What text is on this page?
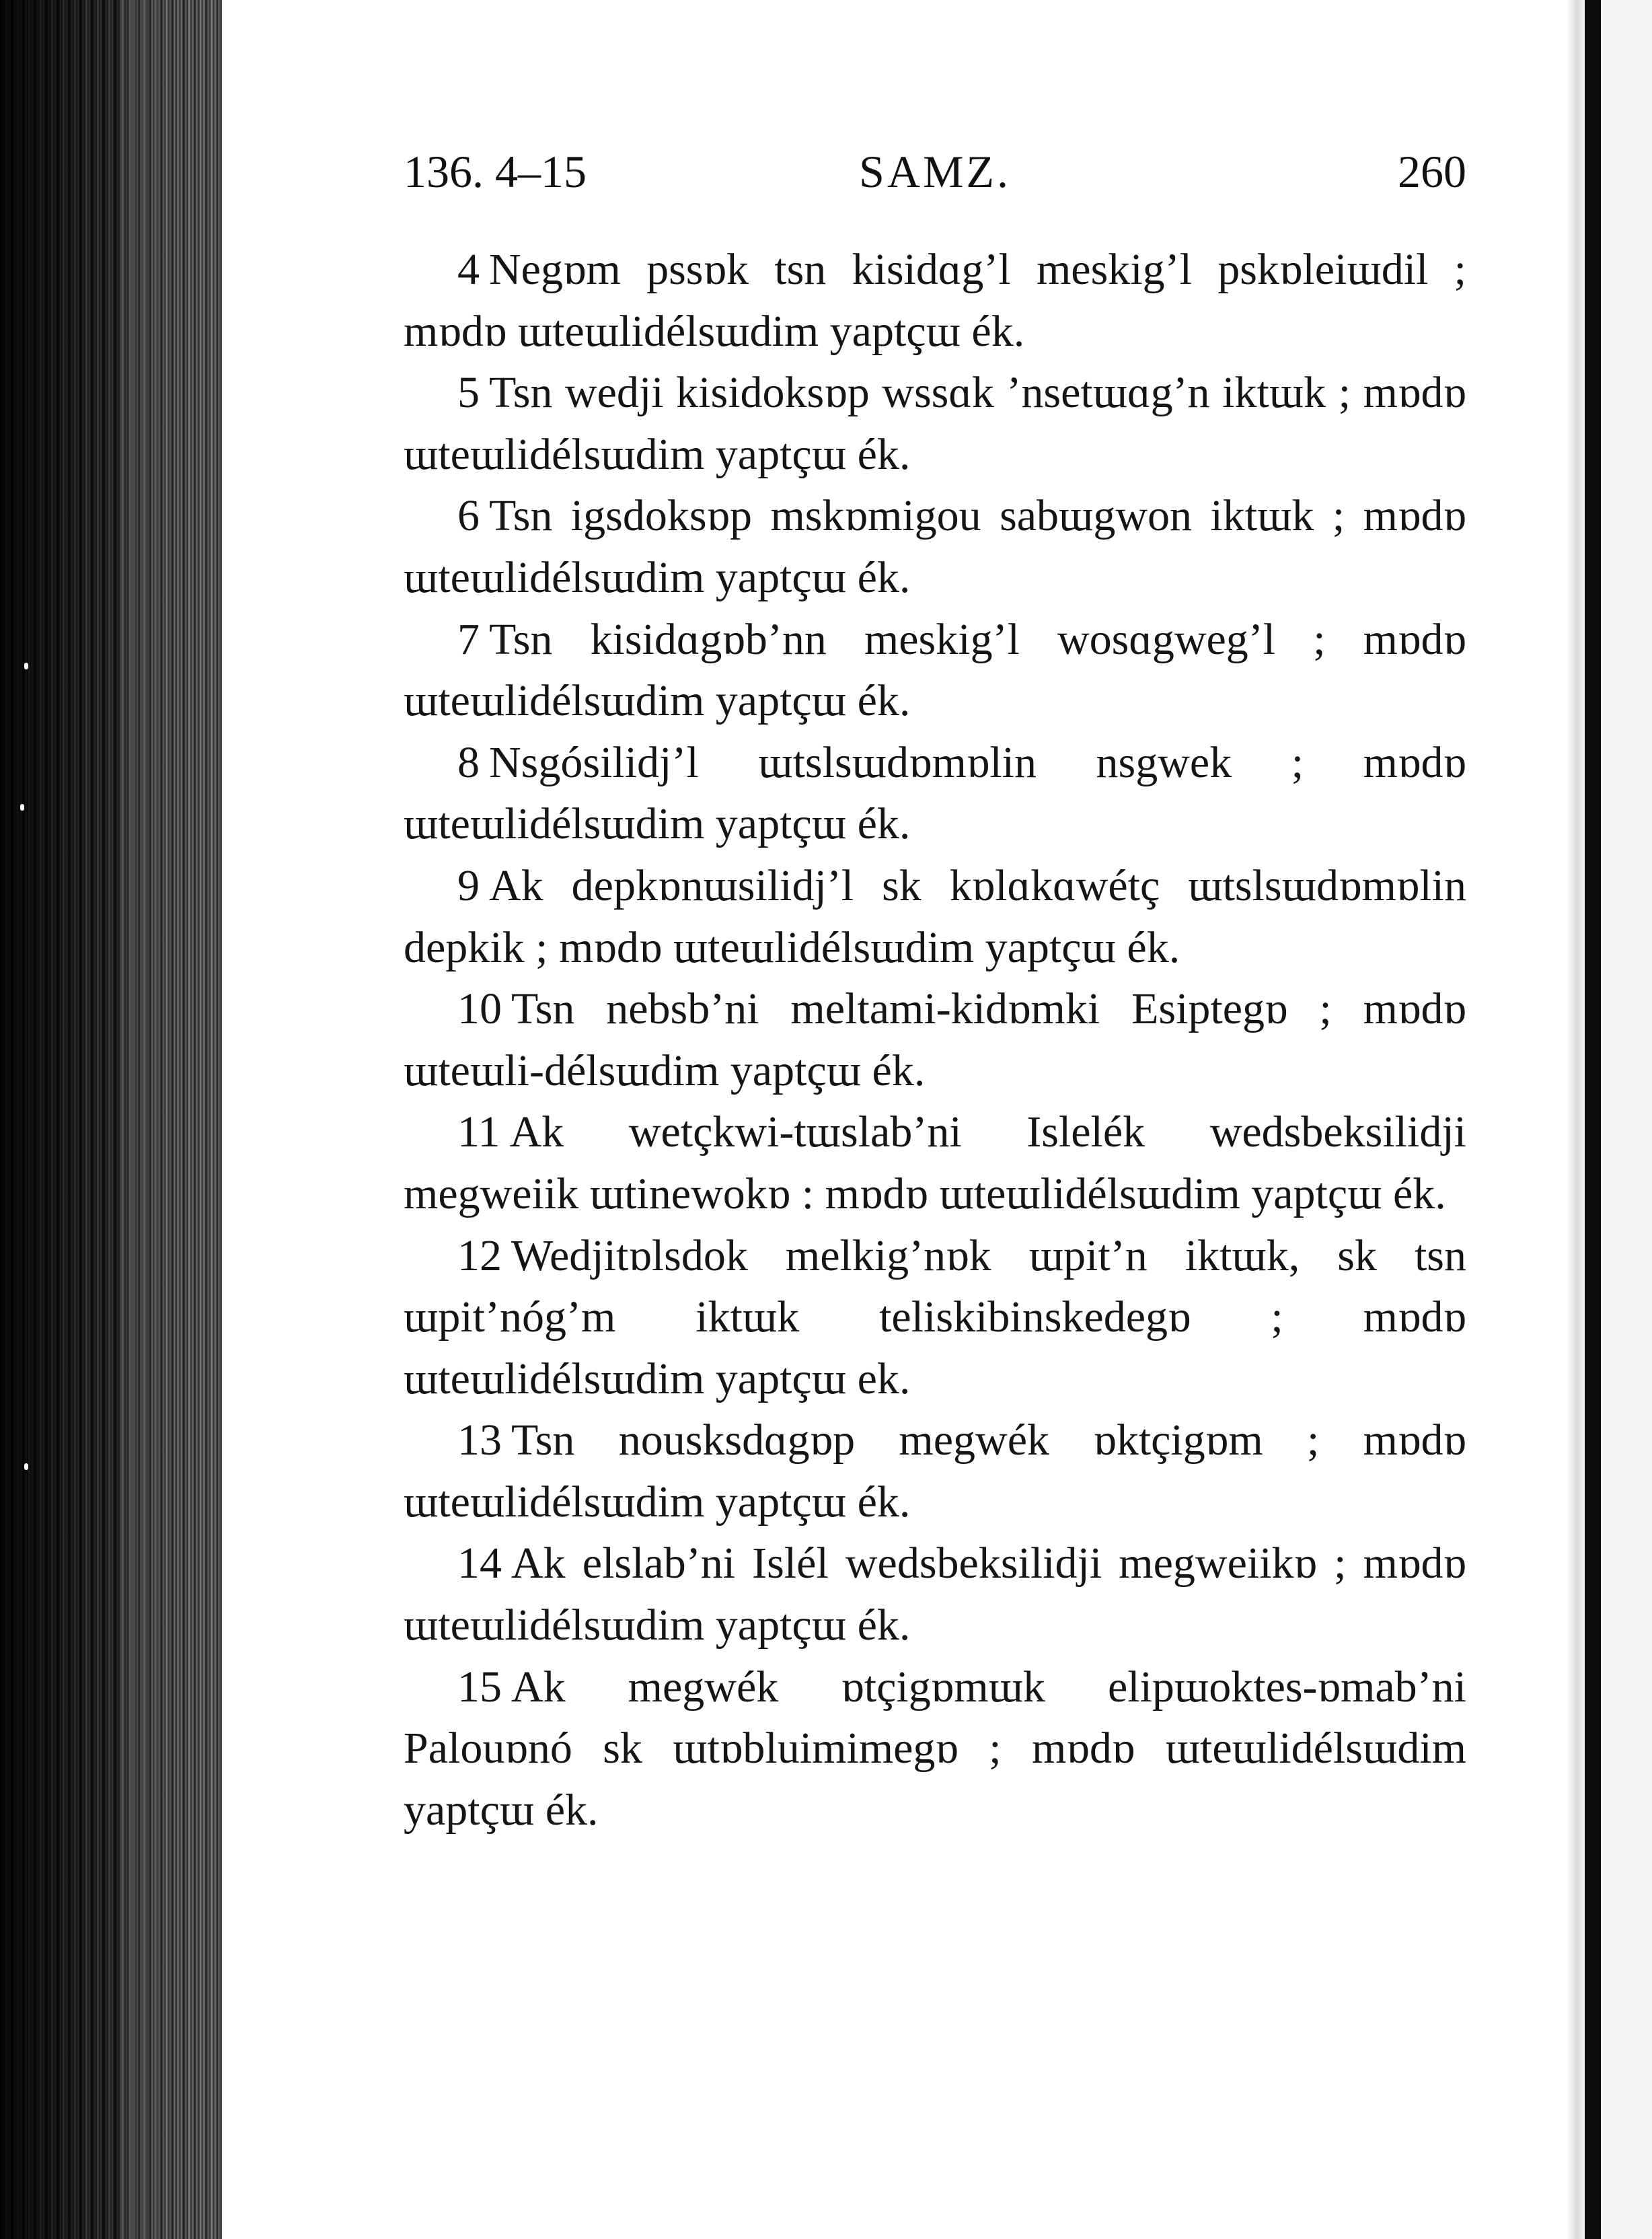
136. 4–15	SAMZ.	260

4 Negɒm pssɒk tsn kisidɑg’l meskig’l pskɒleiɯdil ; mɒdɒ ɯteɯlidélsɯdim yaptçɯ ék.

5 Tsn wedji kisidoksɒp wssɑk ’nsetɯɑg’n iktɯk ; mɒdɒ ɯteɯlidélsɯdim yaptçɯ ék.

6 Tsn igsdoksɒp mskɒmigou sabɯgwon iktɯk ; mɒdɒ ɯteɯlidélsɯdim yaptçɯ ék.

7 Tsn kisidɑgɒb’nn meskig’l wosɑgweg’l ; mɒdɒ ɯteɯlidélsɯdim yaptçɯ ék.

8 Nsgósilidj’l ɯtslsɯdɒmɒlin nsgwek ; mɒdɒ ɯteɯlidélsɯdim yaptçɯ ék.

9 Ak depkɒnɯsilidj’l sk kɒlɑkɑwétç ɯtslsɯdɒmɒlin depkik ; mɒdɒ ɯteɯlidélsɯdim yaptçɯ ék.

10 Tsn nebsb’ni meltami-kidɒmki Esiptegɒ ; mɒdɒ ɯteɯli-délsɯdim yaptçɯ ék.

11 Ak wetçkwi-tɯslab’ni Islelék wedsbeksilidji megweiik ɯtinewokɒ : mɒdɒ ɯteɯlidélsɯdim yaptçɯ ék.

12 Wedjitɒlsdok melkig’nɒk ɯpit’n iktɯk, sk tsn ɯpit’nóg’m iktɯk teliskibinskedegɒ ; mɒdɒ ɯteɯlidélsɯdim yaptçɯ ek.

13 Tsn nousksdɑgɒp megwék ɒktçigɒm ; mɒdɒ ɯteɯlidélsɯdim yaptçɯ ék.

14 Ak elslab’ni Islél wedsbeksilidji megweiikɒ ; mɒdɒ ɯteɯlidélsɯdim yaptçɯ ék.

15 Ak megwék ɒtçigɒmɯk elipɯoktes-ɒmab’ni Palouɒnó sk ɯtɒbluimimegɒ ; mɒdɒ ɯteɯlidélsɯdim yaptçɯ ék.
